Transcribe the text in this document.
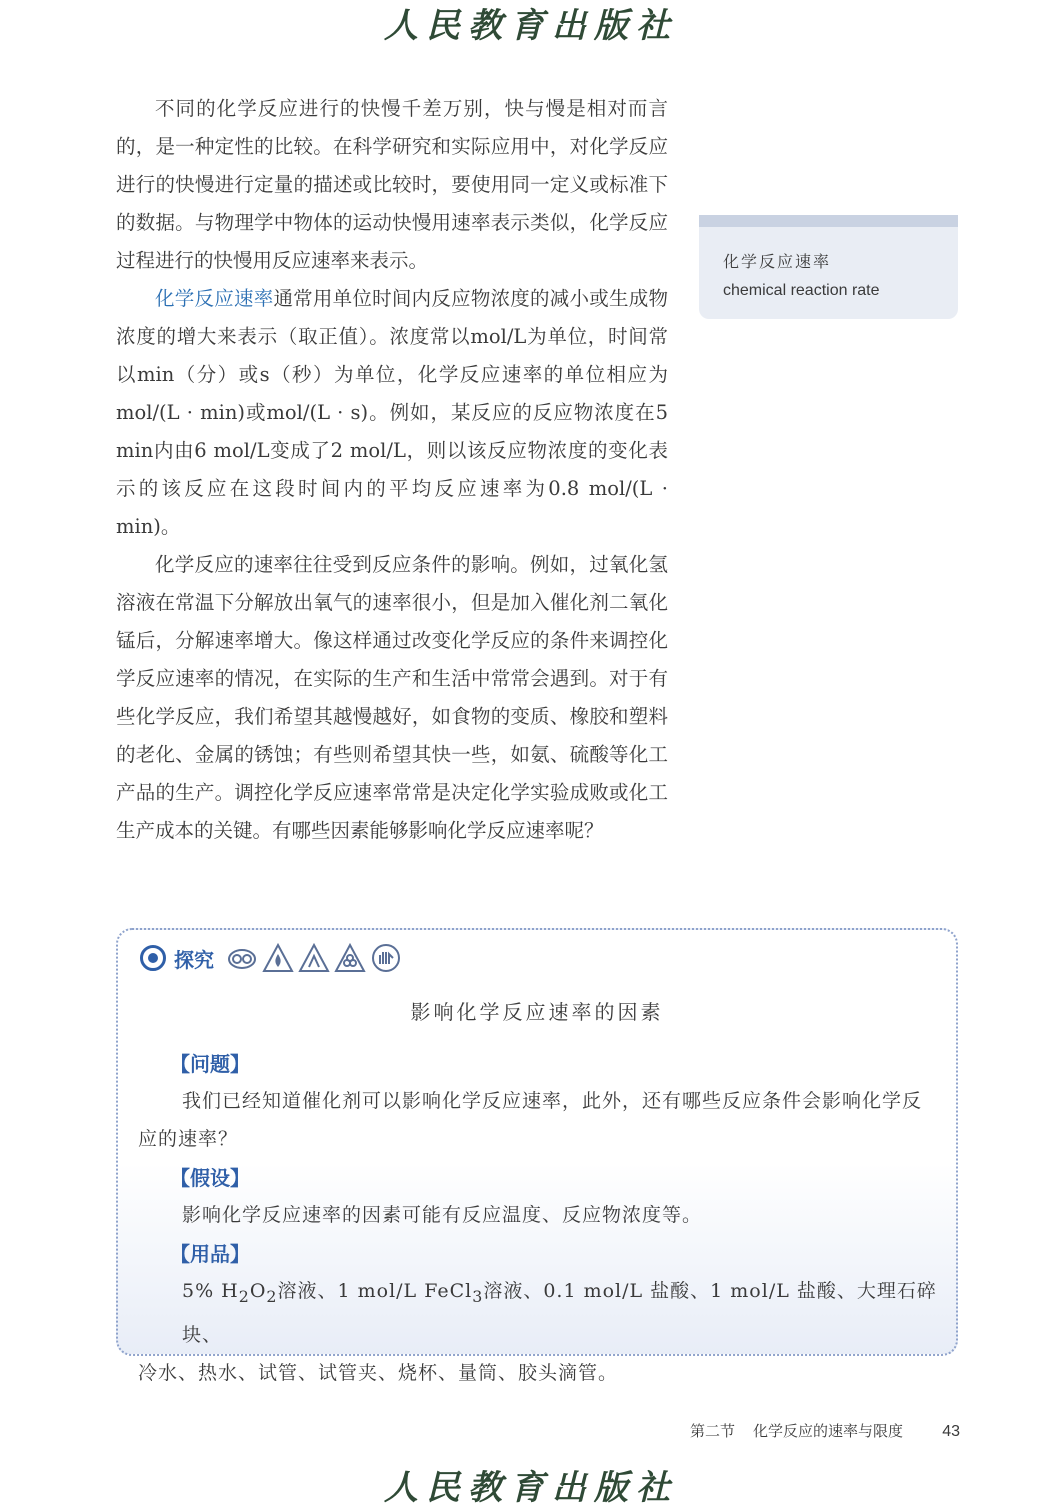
人民教育出版社

不同的化学反应进行的快慢千差万别，快与慢是相对而言的，是一种定性的比较。在科学研究和实际应用中，对化学反应进行的快慢进行定量的描述或比较时，要使用同一定义或标准下的数据。与物理学中物体的运动快慢用速率表示类似，化学反应过程进行的快慢用反应速率来表示。

化学反应速率通常用单位时间内反应物浓度的减小或生成物浓度的增大来表示（取正值）。浓度常以mol/L为单位，时间常以min（分）或s（秒）为单位，化学反应速率的单位相应为mol/(L · min)或mol/(L · s)。例如，某反应的反应物浓度在5 min内由6 mol/L变成了2 mol/L，则以该反应物浓度的变化表示的该反应在这段时间内的平均反应速率为0.8 mol/(L · min)。

化学反应的速率往往受到反应条件的影响。例如，过氧化氢溶液在常温下分解放出氧气的速率很小，但是加入催化剂二氧化锰后，分解速率增大。像这样通过改变化学反应的条件来调控化学反应速率的情况，在实际的生产和生活中常常会遇到。对于有些化学反应，我们希望其越慢越好，如食物的变质、橡胶和塑料的老化、金属的锈蚀；有些则希望其快一些，如氨、硫酸等化工产品的生产。调控化学反应速率常常是决定化学实验成败或化工生产成本的关键。有哪些因素能够影响化学反应速率呢？

化学反应速率
chemical reaction rate
探究
影响化学反应速率的因素
【问题】
我们已经知道催化剂可以影响化学反应速率，此外，还有哪些反应条件会影响化学反应的速率？
【假设】
影响化学反应速率的因素可能有反应温度、反应物浓度等。
【用品】
5% $H_2O_2$溶液、1 mol/L FeCl$_3$溶液、0.1 mol/L 盐酸、1 mol/L 盐酸、大理石碎块、
冷水、热水、试管、试管夹、烧杯、量筒、胶头滴管。
第二节 化学反应的速率与限度 43
人民教育出版社
